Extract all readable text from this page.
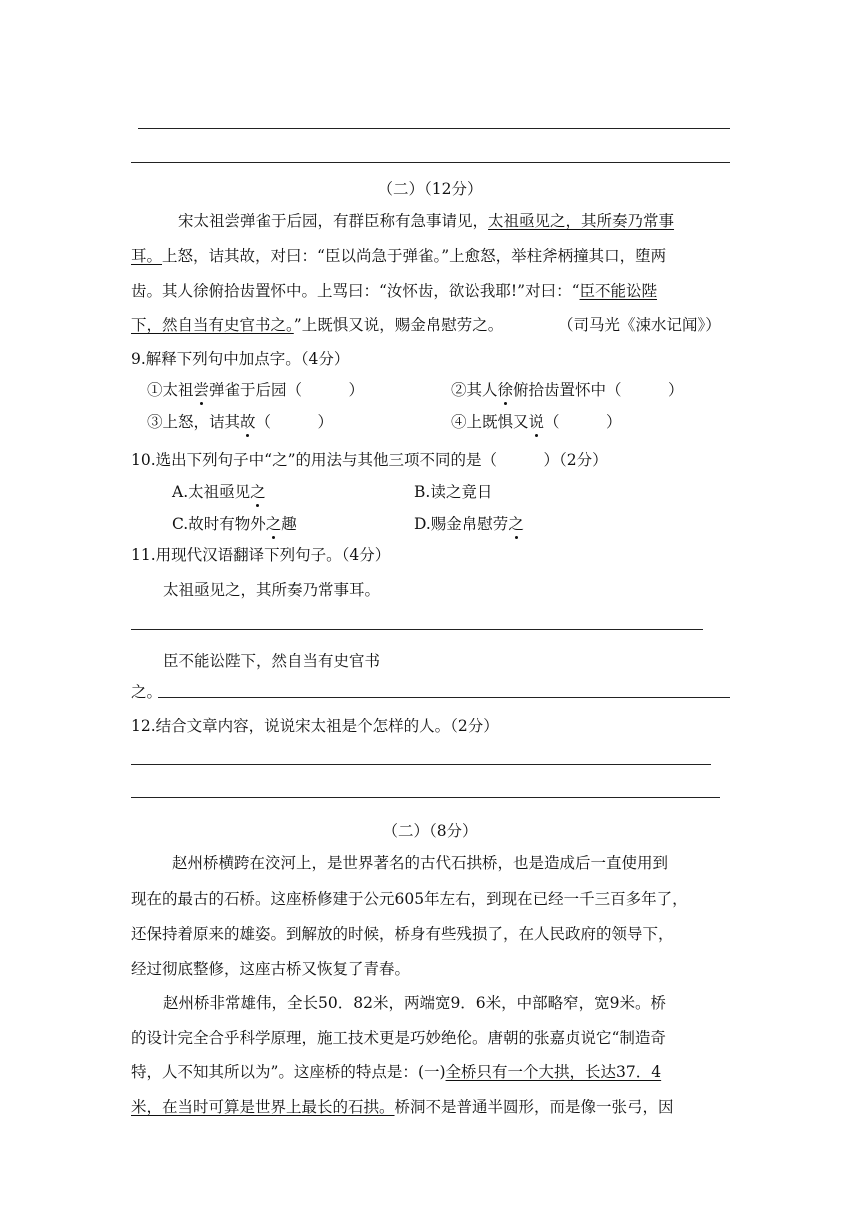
（二）（12分）
宋太祖尝弹雀于后园，有群臣称有急事请见，太祖亟见之，其所奏乃常事
耳。上怒，诘其故，对曰：“臣以尚急于弹雀。”上愈怒，举柱斧柄撞其口，堕两
齿。其人徐俯拾齿置怀中。上骂曰：“汝怀齿，欲讼我耶!”对曰：“臣不能讼陛
下，然自当有史官书之。”上既惧又说，赐金帛慰劳之。	（司马光《涑水记闻》）
9.解释下列句中加点字。（4分）
①太祖尝弹雀于后园（　　　）	②其人徐俯拾齿置怀中（　　　）
③上怒，诘其故（　　　）	④上既惧又说（　　　）
10.选出下列句子中“之”的用法与其他三项不同的是（　　　）（2分）
A.太祖亟见之	B.读之竟日
C.故时有物外之趣	D.赐金帛慰劳之
11.用现代汉语翻译下列句子。（4分）
太祖亟见之，其所奏乃常事耳。
臣不能讼陛下，然自当有史官书
之。
12.结合文章内容，说说宋太祖是个怎样的人。（2分）
（二）（8分）
赵州桥横跨在洨河上，是世界著名的古代石拱桥，也是造成后一直使用到
现在的最古的石桥。这座桥修建于公元605年左右，到现在已经一千三百多年了，
还保持着原来的雄姿。到解放的时候，桥身有些残损了，在人民政府的领导下，
经过彻底整修，这座古桥又恢复了青春。
赵州桥非常雄伟，全长50．82米，两端宽9．6米，中部略窄，宽9米。桥
的设计完全合乎科学原理，施工技术更是巧妙绝伦。唐朝的张嘉贞说它“制造奇
特，人不知其所以为”。这座桥的特点是：(一)全桥只有一个大拱，长达37．4
米，在当时可算是世界上最长的石拱。桥洞不是普通半圆形，而是像一张弓，因
